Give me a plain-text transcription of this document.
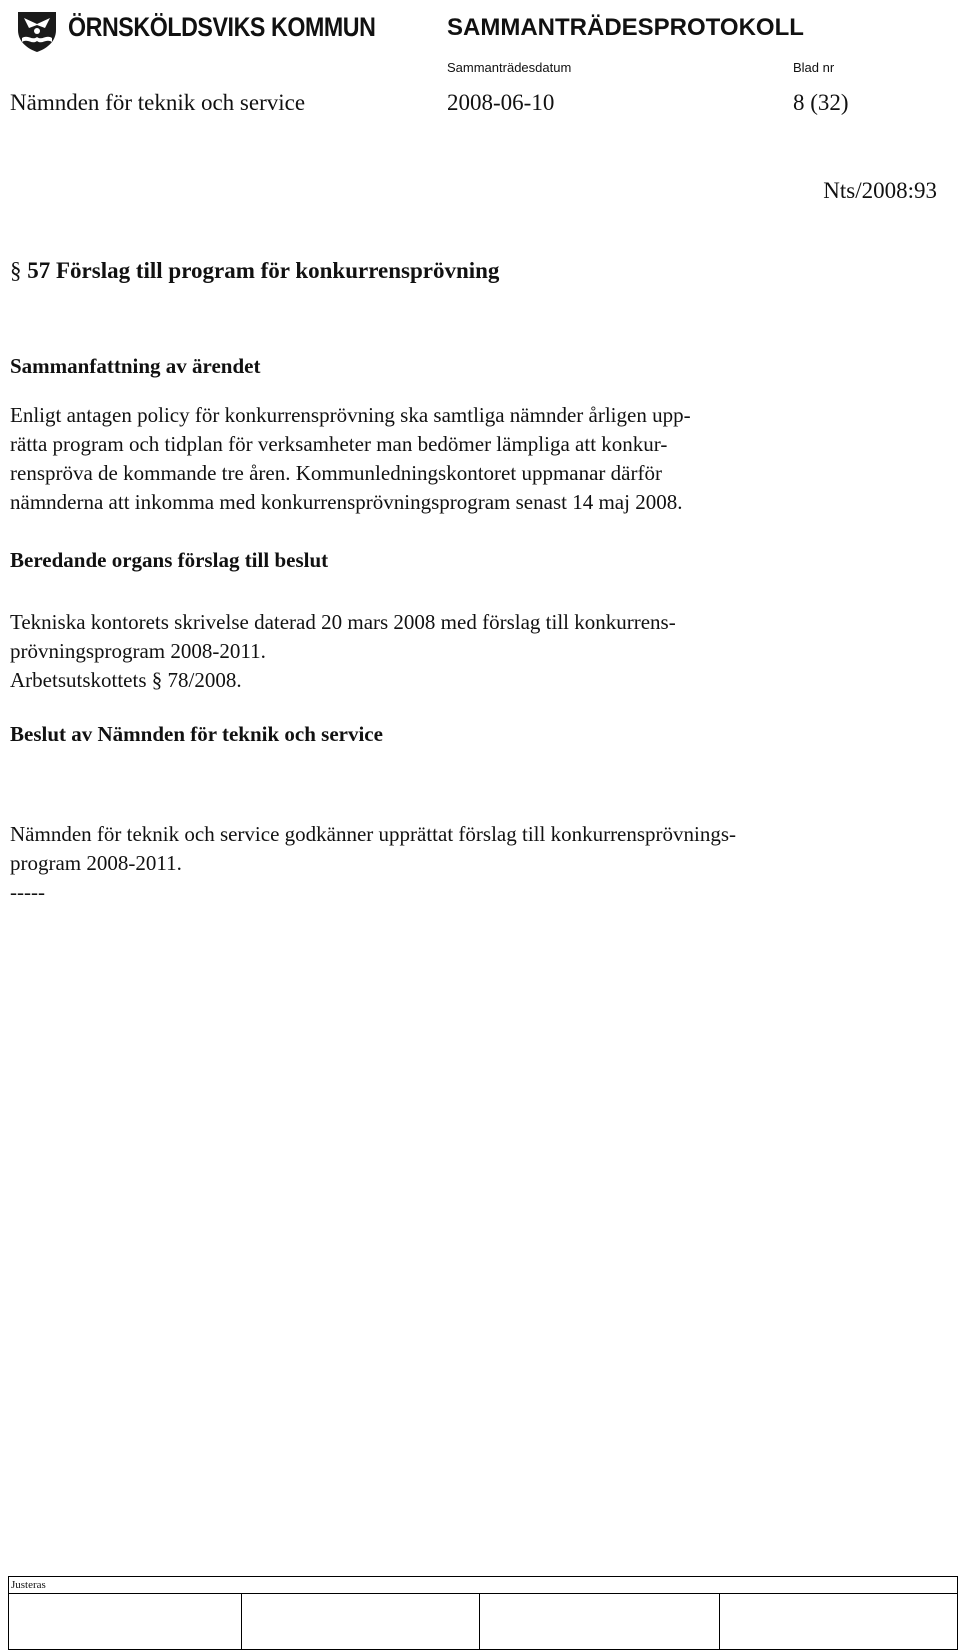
ÖRNSKÖLDSVIKS KOMMUN	SAMMANTRÄDESPROTOKOLL
Sammanträdesdatum	Blad nr
Nämnden för teknik och service	2008-06-10	8 (32)
Nts/2008:93
§ 57 Förslag till program för konkurrensprövning
Sammanfattning av ärendet
Enligt antagen policy för konkurrensprövning ska samtliga nämnder årligen upp-
rätta program och tidplan för verksamheter man bedömer lämpliga att konkur-
renspröva de kommande tre åren. Kommunledningskontoret uppmanar därför
nämnderna att inkomma med konkurrensprövningsprogram senast 14 maj 2008.
Beredande organs förslag till beslut
Tekniska kontorets skrivelse daterad 20 mars 2008 med förslag till konkurrens-
prövningsprogram 2008-2011.
Arbetsutskottets § 78/2008.
Beslut av Nämnden för teknik och service
Nämnden för teknik och service godkänner upprättat förslag till konkurrensprövnings-
program 2008-2011.
-----
Justeras
